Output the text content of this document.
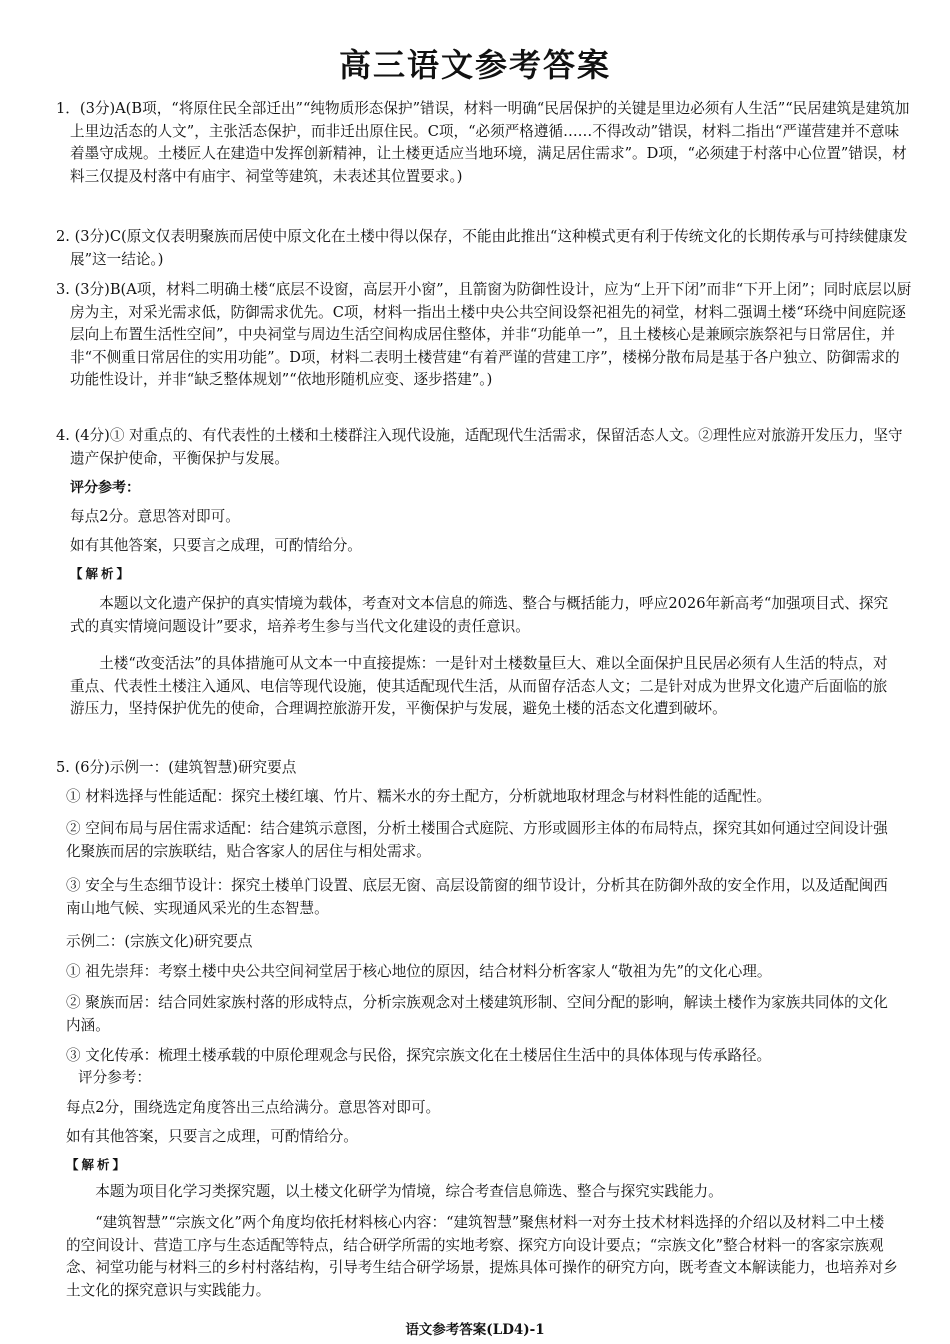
高三语文参考答案
1．(3分)A(B项，“将原住民全部迁出”“纯物质形态保护”错误，材料一明确“民居保护的关键是里边必须有人生活”“民居建筑是建筑加上里边活态的人文”，主张活态保护，而非迁出原住民。C项，“必须严格遵循……不得改动”错误，材料二指出“严谨营建并不意味着墨守成规。土楼匠人在建造中发挥创新精神，让土楼更适应当地环境，满足居住需求”。D项，“必须建于村落中心位置”错误，材料三仅提及村落中有庙宇、祠堂等建筑，未表述其位置要求。)
2. (3分)C(原文仅表明聚族而居使中原文化在土楼中得以保存，不能由此推出“这种模式更有利于传统文化的长期传承与可持续健康发展”这一结论。)
3. (3分)B(A项，材料二明确土楼“底层不设窗，高层开小窗”，且箭窗为防御性设计，应为“上开下闭”而非“下开上闭”；同时底层以厨房为主，对采光需求低，防御需求优先。C项，材料一指出土楼中央公共空间设祭祀祖先的祠堂，材料二强调土楼“环绕中间庭院逐层向上布置生活性空间”，中央祠堂与周边生活空间构成居住整体，并非“功能单一”，且土楼核心是兼顾宗族祭祀与日常居住，并非“不侧重日常居住的实用功能”。D项，材料二表明土楼营建“有着严谨的营建工序”，楼梯分散布局是基于各户独立、防御需求的功能性设计，并非“缺乏整体规划”“依地形随机应变、逐步搭建”。)
4. (4分)① 对重点的、有代表性的土楼和土楼群注入现代设施，适配现代生活需求，保留活态人文。②理性应对旅游开发压力，坚守遗产保护使命，平衡保护与发展。
评分参考：
每点2分。意思答对即可。
如有其他答案，只要言之成理，可酌情给分。
【解析】
本题以文化遗产保护的真实情境为载体，考查对文本信息的筛选、整合与概括能力，呼应2026年新高考“加强项目式、探究式的真实情境问题设计”要求，培养考生参与当代文化建设的责任意识。
土楼“改变活法”的具体措施可从文本一中直接提炼：一是针对土楼数量巨大、难以全面保护且民居必须有人生活的特点，对重点、代表性土楼注入通风、电信等现代设施，使其适配现代生活，从而留存活态人文；二是针对成为世界文化遗产后面临的旅游压力，坚持保护优先的使命，合理调控旅游开发，平衡保护与发展，避免土楼的活态文化遭到破坏。
5. (6分)示例一：(建筑智慧)研究要点
① 材料选择与性能适配：探究土楼红壤、竹片、糯米水的夯土配方，分析就地取材理念与材料性能的适配性。
② 空间布局与居住需求适配：结合建筑示意图，分析土楼围合式庭院、方形或圆形主体的布局特点，探究其如何通过空间设计强化聚族而居的宗族联结，贴合客家人的居住与相处需求。
③ 安全与生态细节设计：探究土楼单门设置、底层无窗、高层设箭窗的细节设计，分析其在防御外敌的安全作用，以及适配闽西南山地气候、实现通风采光的生态智慧。
示例二：(宗族文化)研究要点
① 祖先崇拜：考察土楼中央公共空间祠堂居于核心地位的原因，结合材料分析客家人“敬祖为先”的文化心理。
② 聚族而居：结合同姓家族村落的形成特点，分析宗族观念对土楼建筑形制、空间分配的影响，解读土楼作为家族共同体的文化内涵。
③ 文化传承：梳理土楼承载的中原伦理观念与民俗，探究宗族文化在土楼居住生活中的具体体现与传承路径。
评分参考：
每点2分，围绕选定角度答出三点给满分。意思答对即可。
如有其他答案，只要言之成理，可酌情给分。
【解析】
本题为项目化学习类探究题，以土楼文化研学为情境，综合考查信息筛选、整合与探究实践能力。
“建筑智慧”“宗族文化”两个角度均依托材料核心内容：“建筑智慧”聚焦材料一对夯土技术材料选择的介绍以及材料二中土楼的空间设计、营造工序与生态适配等特点，结合研学所需的实地考察、探究方向设计要点；“宗族文化”整合材料一的客家宗族观念、祠堂功能与材料三的乡村村落结构，引导考生结合研学场景，提炼具体可操作的研究方向，既考查文本解读能力，也培养对乡土文化的探究意识与实践能力。
语文参考答案(LD4)-1
